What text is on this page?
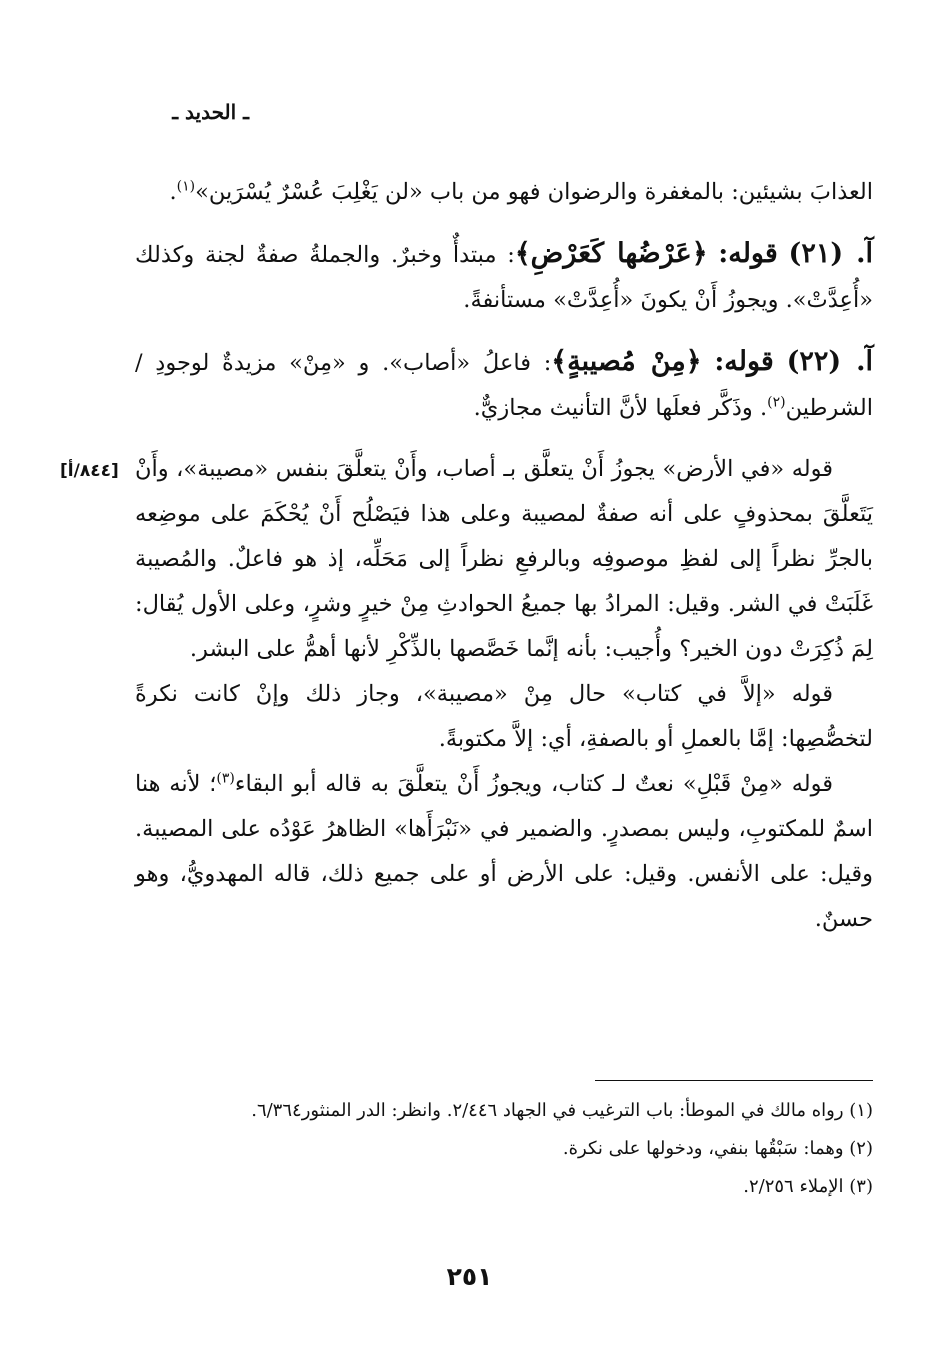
ـ الحديد ـ
[٨٤٤/أ]

العذابَ بشيئين: بالمغفرة والرضوان فهو من باب «لن يَغْلِبَ عُسْرٌ يُسْرَين»$^{(١)}$.

آ. (٢١) قوله: ﴿عَرْضُها كَعَرْضِ﴾: مبتدأٌ وخبرٌ. والجملةُ صفةٌ لجنة وكذلك «أُعِدَّتْ». ويجوزُ أَنْ يكونَ «أُعِدَّتْ» مستأنفةً.

آ. (٢٢) قوله: ﴿مِنْ مُصيبةٍ﴾: فاعلُ «أصاب». و «مِنْ» مزيدةٌ لوجودِ / الشرطين$^{(٢)}$. وذَكَّر فعلَها لأنَّ التأنيث مجازيٌّ.

قوله «في الأرض» يجوزُ أَنْ يتعلَّق بـ أصاب، وأَنْ يتعلَّقَ بنفس «مصيبة»، وأَنْ يَتَعلَّقَ بمحذوفٍ على أنه صفةٌ لمصيبة وعلى هذا فيَصْلُح أَنْ يُحْكَمَ على موضِعه بالجرِّ نظراً إلى لفظِ موصوفِه وبالرفعِ نظراً إلى مَحَلِّه، إذ هو فاعلٌ. والمُصيبة غَلَبَتْ في الشر. وقيل: المرادُ بها جميعُ الحوادثِ مِنْ خيرٍ وشرٍ، وعلى الأول يُقال: لِمَ ذُكِرَتْ دون الخير؟ وأُجيب: بأنه إنَّما خَصَّصها بالذِّكْرِ لأنها أهمُّ على البشر.

قوله «إلاَّ في كتاب» حال مِنْ «مصيبة»، وجاز ذلك وإنْ كانت نكرةً لتخصُّصِها: إمَّا بالعملِ أو بالصفةِ، أي: إلاَّ مكتوبةً.

قوله «مِنْ قَبْلِ» نعتٌ لـ كتاب، ويجوزُ أَنْ يتعلَّقَ به قاله أبو البقاء$^{(٣)}$؛ لأنه هنا اسمٌ للمكتوبِ، وليس بمصدرٍ. والضمير في «نَبْرَأَها» الظاهرُ عَوْدُه على المصيبة. وقيل: على الأنفس. وقيل: على الأرض أو على جميع ذلك، قاله المهدويُّ، وهو حسنٌ.

(١) رواه مالك في الموطأ: باب الترغيب في الجهاد ٢/٤٤٦. وانظر: الدر المنثور٦/٣٦٤.

(٢) وهما: سَبْقُها بنفي، ودخولها على نكرة.

(٣) الإملاء ٢/٢٥٦.

٢٥١
